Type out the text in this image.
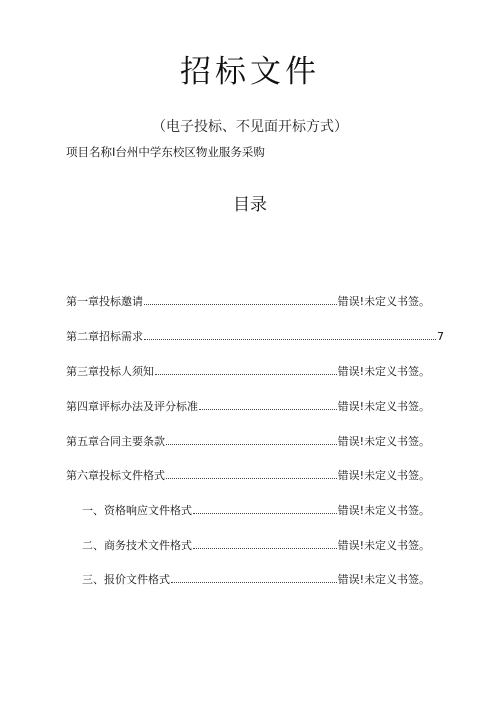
招标文件
（电子投标、不见面开标方式）
项目名称I台州中学东校区物业服务采购
目录
第一章投标邀请	错误!未定义书签。
第二章招标需求	7
第三章投标人须知	错误!未定义书签。
第四章评标办法及评分标准	错误!未定义书签。
第五章合同主要条款	错误!未定义书签。
第六章投标文件格式	错误!未定义书签。
一、资格响应文件格式	错误!未定义书签。
二、商务技术文件格式	错误!未定义书签。
三、报价文件格式	错误!未定义书签。
